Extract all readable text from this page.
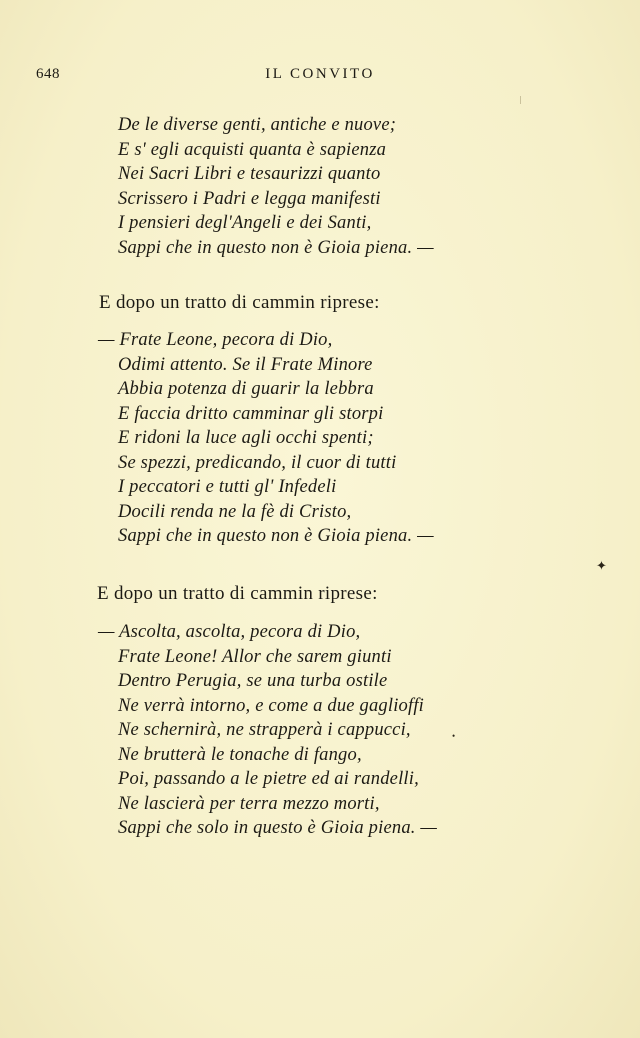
648	IL CONVITO
De le diverse genti, antiche e nuove;
E s' egli acquisti quanta è sapienza
Nei Sacri Libri e tesaurizzi quanto
Scrissero i Padri e legga manifesti
I pensieri degl'Angeli e dei Santi,
Sappi che in questo non è Gioia piena. —
E dopo un tratto di cammin riprese:
— Frate Leone, pecora di Dio,
Odimi attento. Se il Frate Minore
Abbia potenza di guarir la lebbra
E faccia dritto camminar gli storpi
E ridoni la luce agli occhi spenti;
Se spezzi, predicando, il cuor di tutti
I peccatori e tutti gl' Infedeli
Docili renda ne la fè di Cristo,
Sappi che in questo non è Gioia piena. —
E dopo un tratto di cammin riprese:
— Ascolta, ascolta, pecora di Dio,
Frate Leone! Allor che sarem giunti
Dentro Perugia, se una turba ostile
Ne verrà intorno, e come a due gaglioffi
Ne schernirà, ne strapperà i cappucci,
Ne brutterà le tonache di fango,
Poi, passando a le pietre ed ai randelli,
Ne lascierà per terra mezzo morti,
Sappi che solo in questo è Gioia piena. —
✦
•
|
